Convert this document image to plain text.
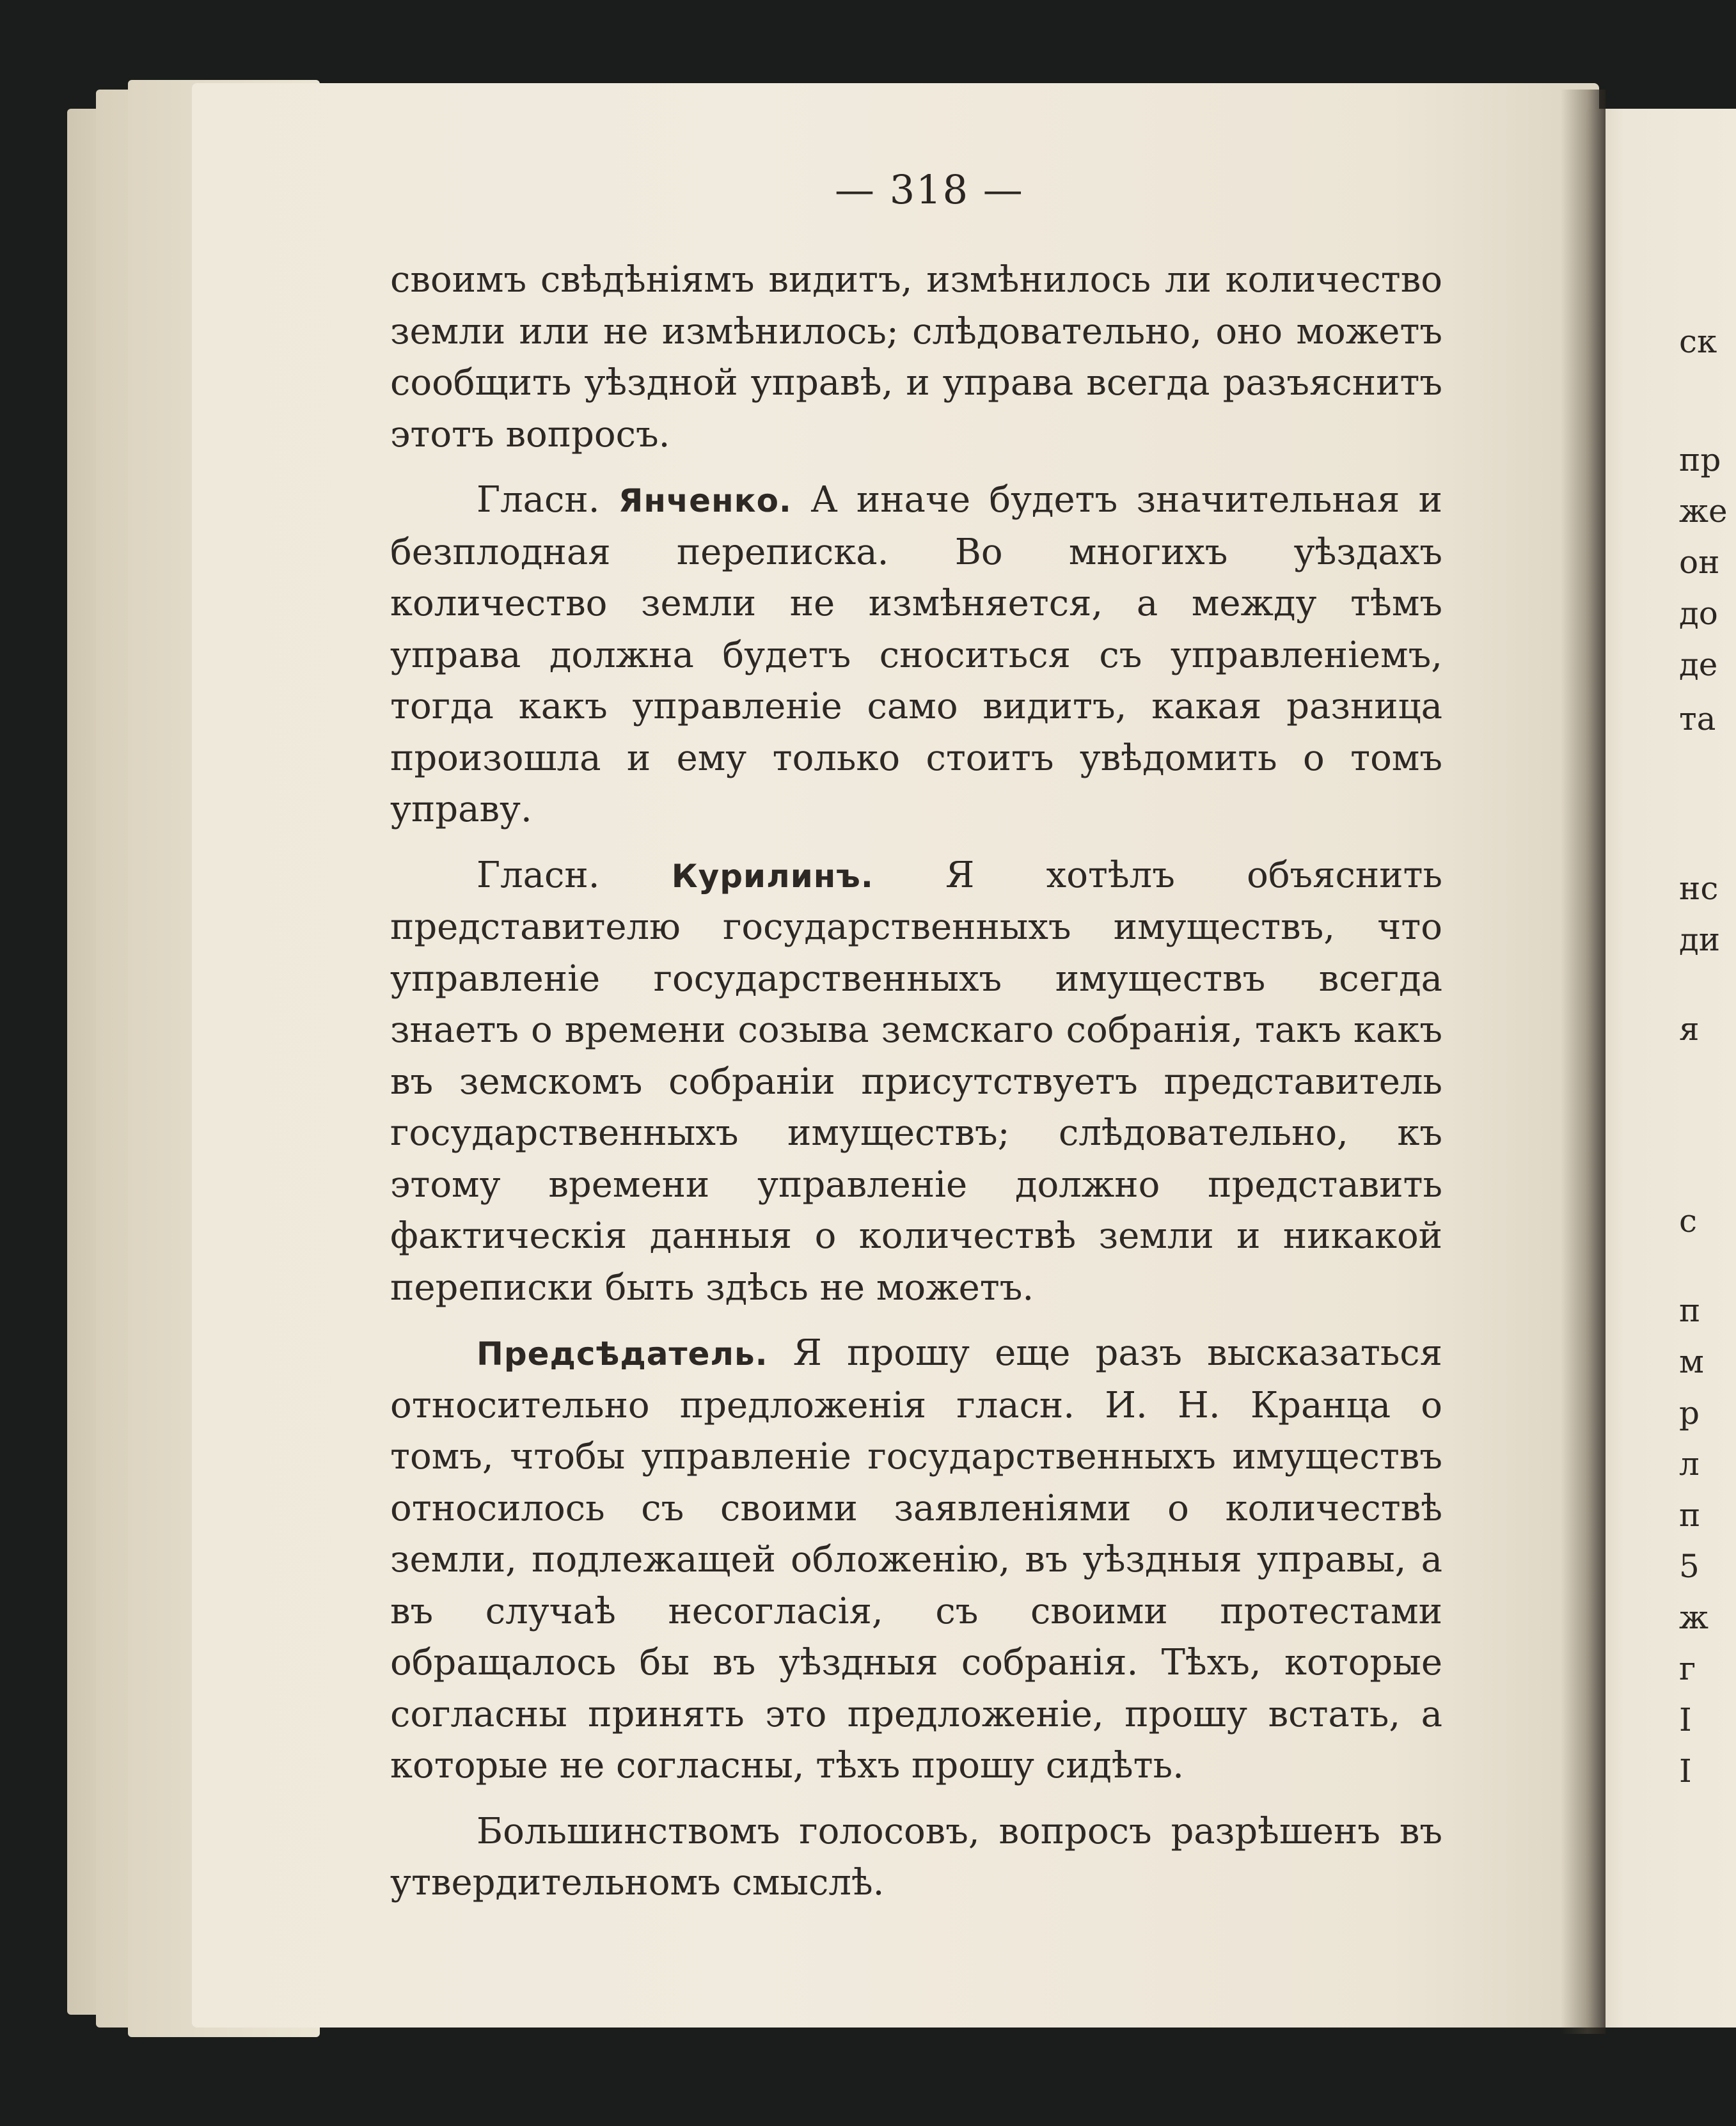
ск
пр
же
он
до
де
та
нс
ди
я
с
п
м
р
л
п
5
ж
г
I
І
— 318 —

своимъ свѣдѣніямъ видитъ, измѣнилось ли количество земли или не измѣнилось; слѣдовательно, оно можетъ сообщить уѣздной управѣ, и управа всегда разъяснитъ этотъ вопросъ.

Гласн. Янченко. А иначе будетъ значительная и безплодная переписка. Во многихъ уѣздахъ количество земли не измѣняется, а между тѣмъ управа должна будетъ сноситься съ управленіемъ, тогда какъ управленіе само видитъ, какая разница произошла и ему только стоитъ увѣдомить о томъ управу.

Гласн. Курилинъ. Я хотѣлъ объяснить представителю государственныхъ имуществъ, что управленіе государственныхъ имуществъ всегда знаетъ о времени созыва земскаго собранія, такъ какъ въ земскомъ собраніи присутствуетъ представитель государственныхъ имуществъ; слѣдовательно, къ этому времени управленіе должно представить фактическія данныя о количествѣ земли и никакой переписки быть здѣсь не можетъ.

Предсѣдатель. Я прошу еще разъ высказаться относительно предложенія гласн. И. Н. Кранца о томъ, чтобы управленіе государственныхъ имуществъ относилось съ своими заявленіями о количествѣ земли, подлежащей обложенію, въ уѣздныя управы, а въ случаѣ несогласія, съ своими протестами обращалось бы въ уѣздныя собранія. Тѣхъ, которые согласны принять это предложеніе, прошу встать, а которые не согласны, тѣхъ прошу сидѣть.

Большинствомъ голосовъ, вопросъ разрѣшенъ въ утвердительномъ смыслѣ.
